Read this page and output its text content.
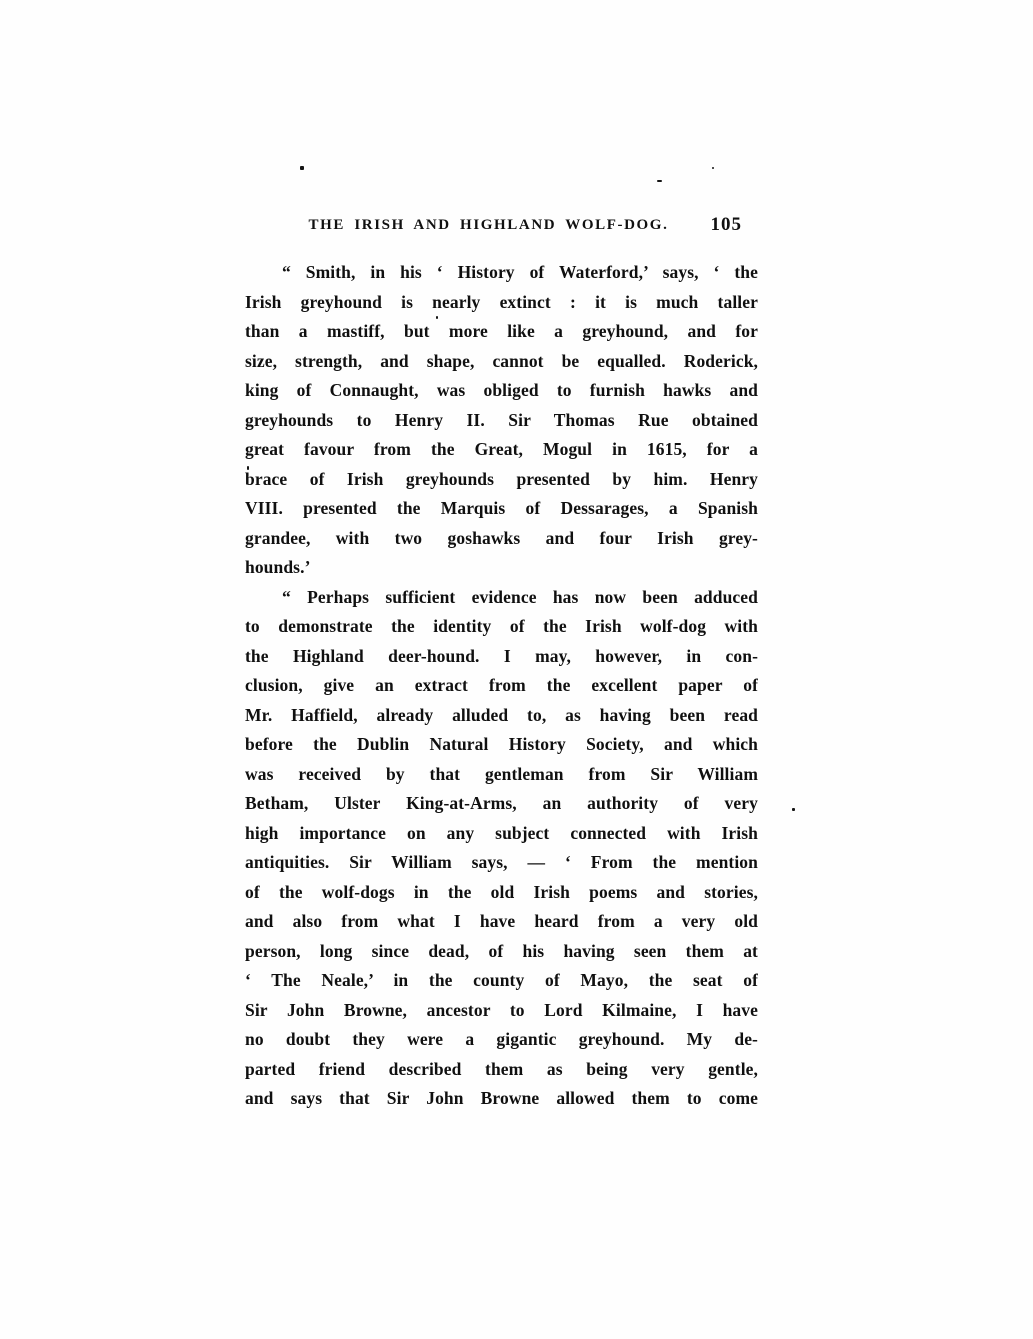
THE IRISH AND HIGHLAND WOLF-DOG.	105
“ Smith, in his ‘ History of Waterford,’ says, ‘ the
Irish greyhound is nearly extinct : it is much taller
than a mastiff, but more like a greyhound, and for
size, strength, and shape, cannot be equalled. Roderick,
king of Connaught, was obliged to furnish hawks and
greyhounds to Henry II. Sir Thomas Rue obtained
great favour from the Great, Mogul in 1615, for a
brace of Irish greyhounds presented by him. Henry
VIII. presented the Marquis of Dessarages, a Spanish
grandee, with two goshawks and four Irish grey-
hounds.’
“ Perhaps sufficient evidence has now been adduced
to demonstrate the identity of the Irish wolf-dog with
the Highland deer-hound. I may, however, in con-
clusion, give an extract from the excellent paper of
Mr. Haffield, already alluded to, as having been read
before the Dublin Natural History Society, and which
was received by that gentleman from Sir William
Betham, Ulster King-at-Arms, an authority of very
high importance on any subject connected with Irish
antiquities. Sir William says, — ‘ From the mention
of the wolf-dogs in the old Irish poems and stories,
and also from what I have heard from a very old
person, long since dead, of his having seen them at
‘ The Neale,’ in the county of Mayo, the seat of
Sir John Browne, ancestor to Lord Kilmaine, I have
no doubt they were a gigantic greyhound. My de-
parted friend described them as being very gentle,
and says that Sir John Browne allowed them to come
